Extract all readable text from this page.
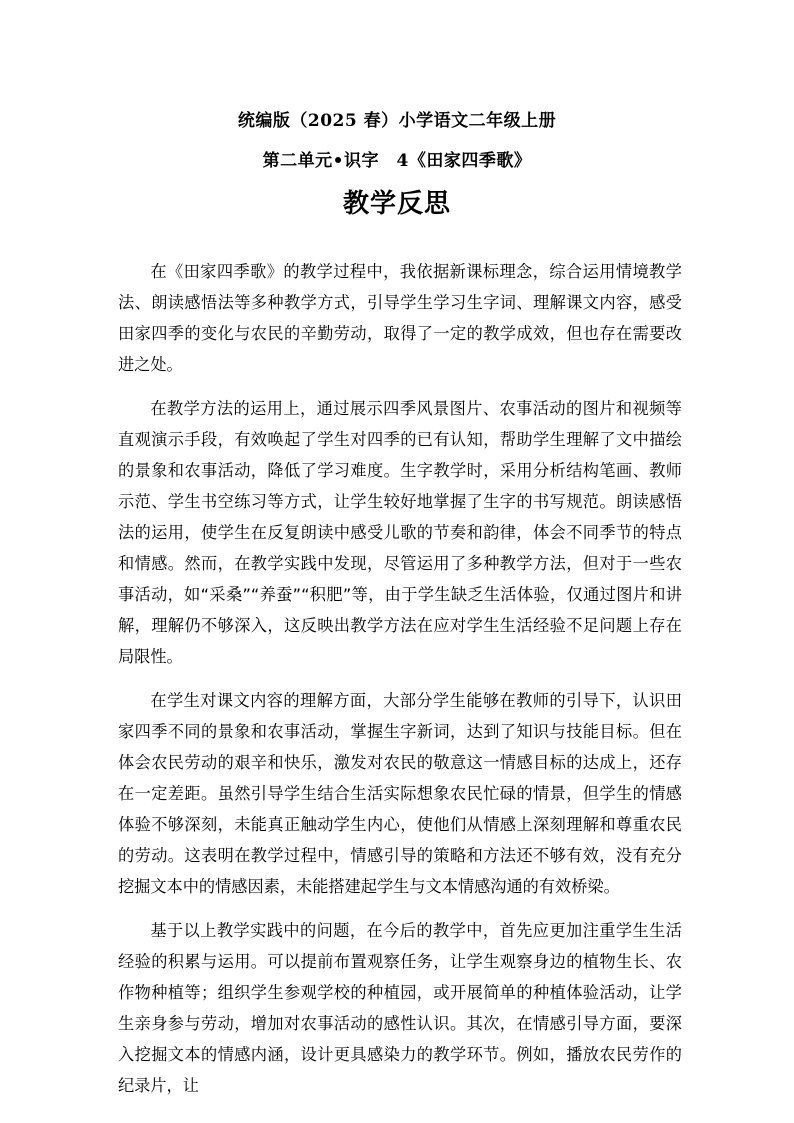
统编版（2025 春）小学语文二年级上册
第二单元•识字　4《田家四季歌》
教学反思

在《田家四季歌》的教学过程中，我依据新课标理念，综合运用情境教学法、朗读感悟法等多种教学方式，引导学生学习生字词、理解课文内容，感受田家四季的变化与农民的辛勤劳动，取得了一定的教学成效，但也存在需要改进之处。

在教学方法的运用上，通过展示四季风景图片、农事活动的图片和视频等直观演示手段，有效唤起了学生对四季的已有认知，帮助学生理解了文中描绘的景象和农事活动，降低了学习难度。生字教学时，采用分析结构笔画、教师示范、学生书空练习等方式，让学生较好地掌握了生字的书写规范。朗读感悟法的运用，使学生在反复朗读中感受儿歌的节奏和韵律，体会不同季节的特点和情感。然而，在教学实践中发现，尽管运用了多种教学方法，但对于一些农事活动，如“采桑”“养蚕”“积肥”等，由于学生缺乏生活体验，仅通过图片和讲解，理解仍不够深入，这反映出教学方法在应对学生生活经验不足问题上存在局限性。

在学生对课文内容的理解方面，大部分学生能够在教师的引导下，认识田家四季不同的景象和农事活动，掌握生字新词，达到了知识与技能目标。但在体会农民劳动的艰辛和快乐，激发对农民的敬意这一情感目标的达成上，还存在一定差距。虽然引导学生结合生活实际想象农民忙碌的情景，但学生的情感体验不够深刻，未能真正触动学生内心，使他们从情感上深刻理解和尊重农民的劳动。这表明在教学过程中，情感引导的策略和方法还不够有效，没有充分挖掘文本中的情感因素，未能搭建起学生与文本情感沟通的有效桥梁。

基于以上教学实践中的问题，在今后的教学中，首先应更加注重学生生活经验的积累与运用。可以提前布置观察任务，让学生观察身边的植物生长、农作物种植等；组织学生参观学校的种植园，或开展简单的种植体验活动，让学生亲身参与劳动，增加对农事活动的感性认识。其次，在情感引导方面，要深入挖掘文本的情感内涵，设计更具感染力的教学环节。例如，播放农民劳作的纪录片，让
